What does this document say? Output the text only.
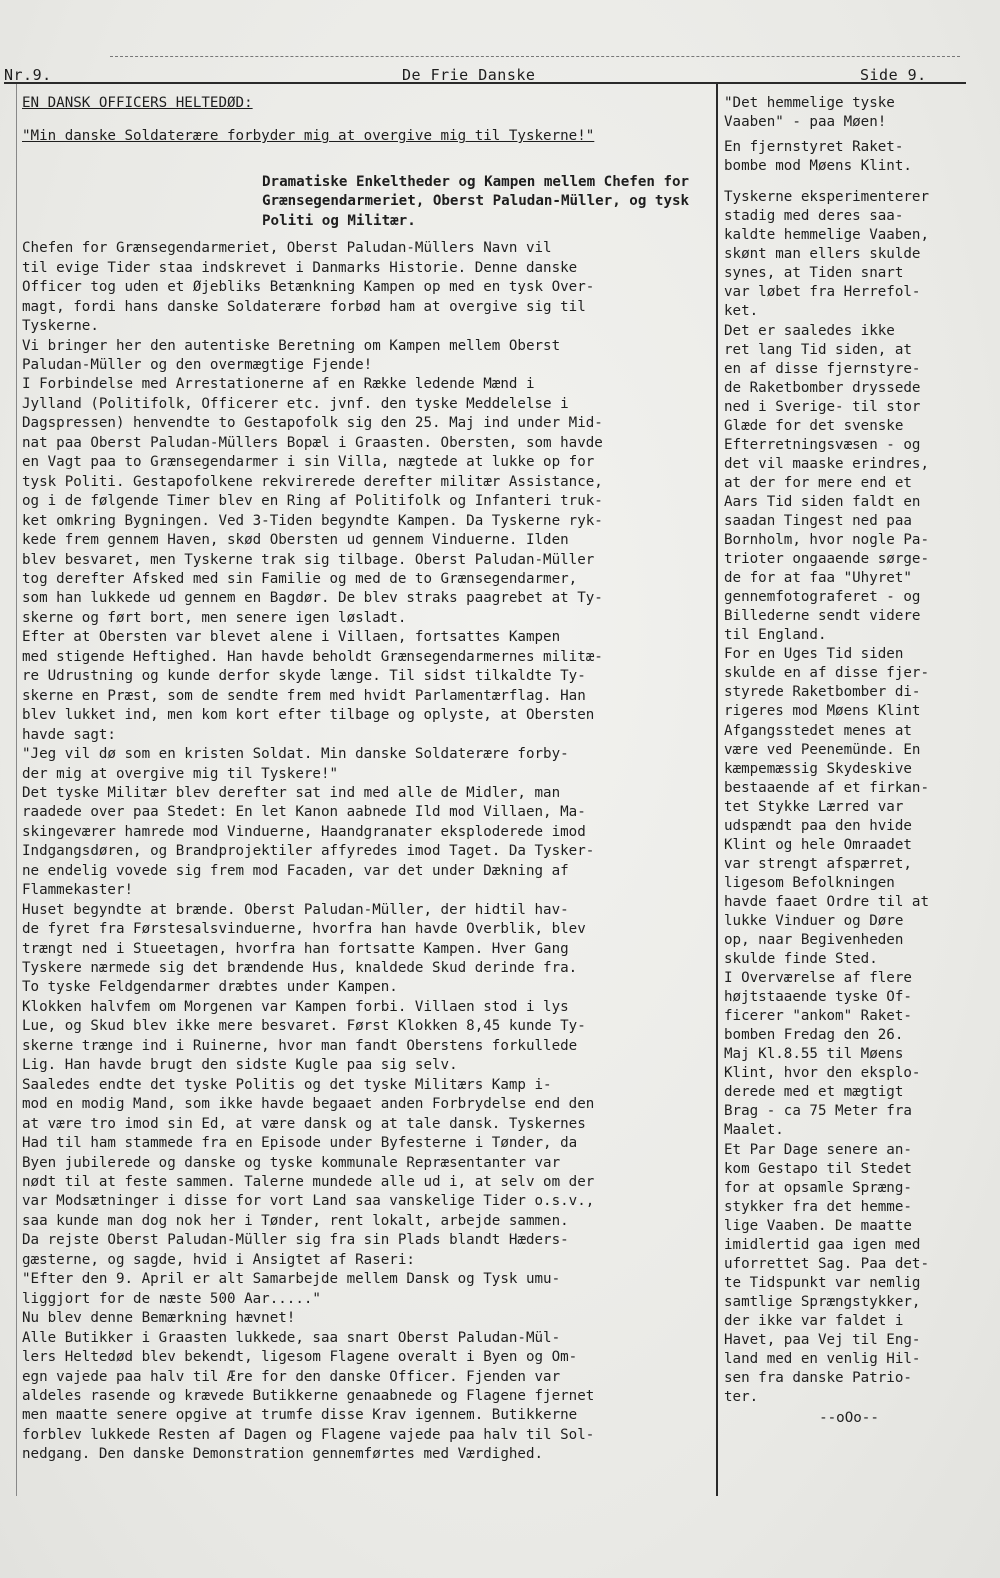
Nr.9.	De Frie Danske	Side 9.
EN DANSK OFFICERS HELTEDØD:
"Min danske Soldaterære forbyder mig at overgive mig til Tyskerne!"
Dramatiske Enkeltheder og Kampen mellem Chefen for Grænsegendarmeriet, Oberst Paludan-Müller, og tysk Politi og Militær.
Chefen for Grænsegendarmeriet, Oberst Paludan-Müllers Navn vil
til evige Tider staa indskrevet i Danmarks Historie. Denne danske
Officer tog uden et Øjebliks Betænkning Kampen op med en tysk Over-
magt, fordi hans danske Soldaterære forbød ham at overgive sig til
Tyskerne.
Vi bringer her den autentiske Beretning om Kampen mellem Oberst
Paludan-Müller og den overmægtige Fjende!
I Forbindelse med Arrestationerne af en Række ledende Mænd i
Jylland (Politifolk, Officerer etc. jvnf. den tyske Meddelelse i
Dagspressen) henvendte to Gestapofolk sig den 25. Maj ind under Mid-
nat paa Oberst Paludan-Müllers Bopæl i Graasten. Obersten, som havde
en Vagt paa to Grænsegendarmer i sin Villa, nægtede at lukke op for
tysk Politi. Gestapofolkene rekvirerede derefter militær Assistance,
og i de følgende Timer blev en Ring af Politifolk og Infanteri truk-
ket omkring Bygningen. Ved 3-Tiden begyndte Kampen. Da Tyskerne ryk-
kede frem gennem Haven, skød Obersten ud gennem Vinduerne. Ilden
blev besvaret, men Tyskerne trak sig tilbage. Oberst Paludan-Müller
tog derefter Afsked med sin Familie og med de to Grænsegendarmer,
som han lukkede ud gennem en Bagdør. De blev straks paagrebet at Ty-
skerne og ført bort, men senere igen løsladt.
Efter at Obersten var blevet alene i Villaen, fortsattes Kampen
med stigende Heftighed. Han havde beholdt Grænsegendarmernes militæ-
re Udrustning og kunde derfor skyde længe. Til sidst tilkaldte Ty-
skerne en Præst, som de sendte frem med hvidt Parlamentærflag. Han
blev lukket ind, men kom kort efter tilbage og oplyste, at Obersten
havde sagt:
"Jeg vil dø som en kristen Soldat. Min danske Soldaterære forby-
der mig at overgive mig til Tyskere!"
Det tyske Militær blev derefter sat ind med alle de Midler, man
raadede over paa Stedet: En let Kanon aabnede Ild mod Villaen, Ma-
skingeværer hamrede mod Vinduerne, Haandgranater eksploderede imod
Indgangsdøren, og Brandprojektiler affyredes imod Taget. Da Tysker-
ne endelig vovede sig frem mod Facaden, var det under Dækning af
Flammekaster!
Huset begyndte at brænde. Oberst Paludan-Müller, der hidtil hav-
de fyret fra Førstesalsvinduerne, hvorfra han havde Overblik, blev
trængt ned i Stueetagen, hvorfra han fortsatte Kampen. Hver Gang
Tyskere nærmede sig det brændende Hus, knaldede Skud derinde fra.
To tyske Feldgendarmer dræbtes under Kampen.
Klokken halvfem om Morgenen var Kampen forbi. Villaen stod i lys
Lue, og Skud blev ikke mere besvaret. Først Klokken 8,45 kunde Ty-
skerne trænge ind i Ruinerne, hvor man fandt Oberstens forkullede
Lig. Han havde brugt den sidste Kugle paa sig selv.
Saaledes endte det tyske Politis og det tyske Militærs Kamp i-
mod en modig Mand, som ikke havde begaaet anden Forbrydelse end den
at være tro imod sin Ed, at være dansk og at tale dansk. Tyskernes
Had til ham stammede fra en Episode under Byfesterne i Tønder, da
Byen jubilerede og danske og tyske kommunale Repræsentanter var
nødt til at feste sammen. Talerne mundede alle ud i, at selv om der
var Modsætninger i disse for vort Land saa vanskelige Tider o.s.v.,
saa kunde man dog nok her i Tønder, rent lokalt, arbejde sammen.
Da rejste Oberst Paludan-Müller sig fra sin Plads blandt Hæders-
gæsterne, og sagde, hvid i Ansigtet af Raseri:
"Efter den 9. April er alt Samarbejde mellem Dansk og Tysk umu-
liggjort for de næste 500 Aar....."
Nu blev denne Bemærkning hævnet!
Alle Butikker i Graasten lukkede, saa snart Oberst Paludan-Mül-
lers Heltedød blev bekendt, ligesom Flagene overalt i Byen og Om-
egn vajede paa halv til Ære for den danske Officer. Fjenden var
aldeles rasende og krævede Butikkerne genaabnede og Flagene fjernet
men maatte senere opgive at trumfe disse Krav igennem. Butikkerne
forblev lukkede Resten af Dagen og Flagene vajede paa halv til Sol-
nedgang. Den danske Demonstration gennemførtes med Værdighed.
"Det hemmelige tyske
Vaaben" - paa Møen!
En fjernstyret Raket-
bombe mod Møens Klint.
Tyskerne eksperimenterer
stadig med deres saa-
kaldte hemmelige Vaaben,
skønt man ellers skulde
synes, at Tiden snart
var løbet fra Herrefol-
ket.
Det er saaledes ikke
ret lang Tid siden, at
en af disse fjernstyre-
de Raketbomber dryssede
ned i Sverige- til stor
Glæde for det svenske
Efterretningsvæsen - og
det vil maaske erindres,
at der for mere end et
Aars Tid siden faldt en
saadan Tingest ned paa
Bornholm, hvor nogle Pa-
trioter ongaaende sørge-
de for at faa "Uhyret"
gennemfotograferet - og
Billederne sendt videre
til England.
For en Uges Tid siden
skulde en af disse fjer-
styrede Raketbomber di-
rigeres mod Møens Klint
Afgangsstedet menes at
være ved Peenemünde. En
kæmpemæssig Skydeskive
bestaaende af et firkan-
tet Stykke Lærred var
udspændt paa den hvide
Klint og hele Omraadet
var strengt afspærret,
ligesom Befolkningen
havde faaet Ordre til at
lukke Vinduer og Døre
op, naar Begivenheden
skulde finde Sted.
I Overværelse af flere
højtstaaende tyske Of-
ficerer "ankom" Raket-
bomben Fredag den 26.
Maj Kl.8.55 til Møens
Klint, hvor den eksplo-
derede med et mægtigt
Brag - ca 75 Meter fra
Maalet.
Et Par Dage senere an-
kom Gestapo til Stedet
for at opsamle Spræng-
stykker fra det hemme-
lige Vaaben. De maatte
imidlertid gaa igen med
uforrettet Sag. Paa det-
te Tidspunkt var nemlig
samtlige Sprængstykker,
der ikke var faldet i
Havet, paa Vej til Eng-
land med en venlig Hil-
sen fra danske Patrio-
ter.
--oOo--
